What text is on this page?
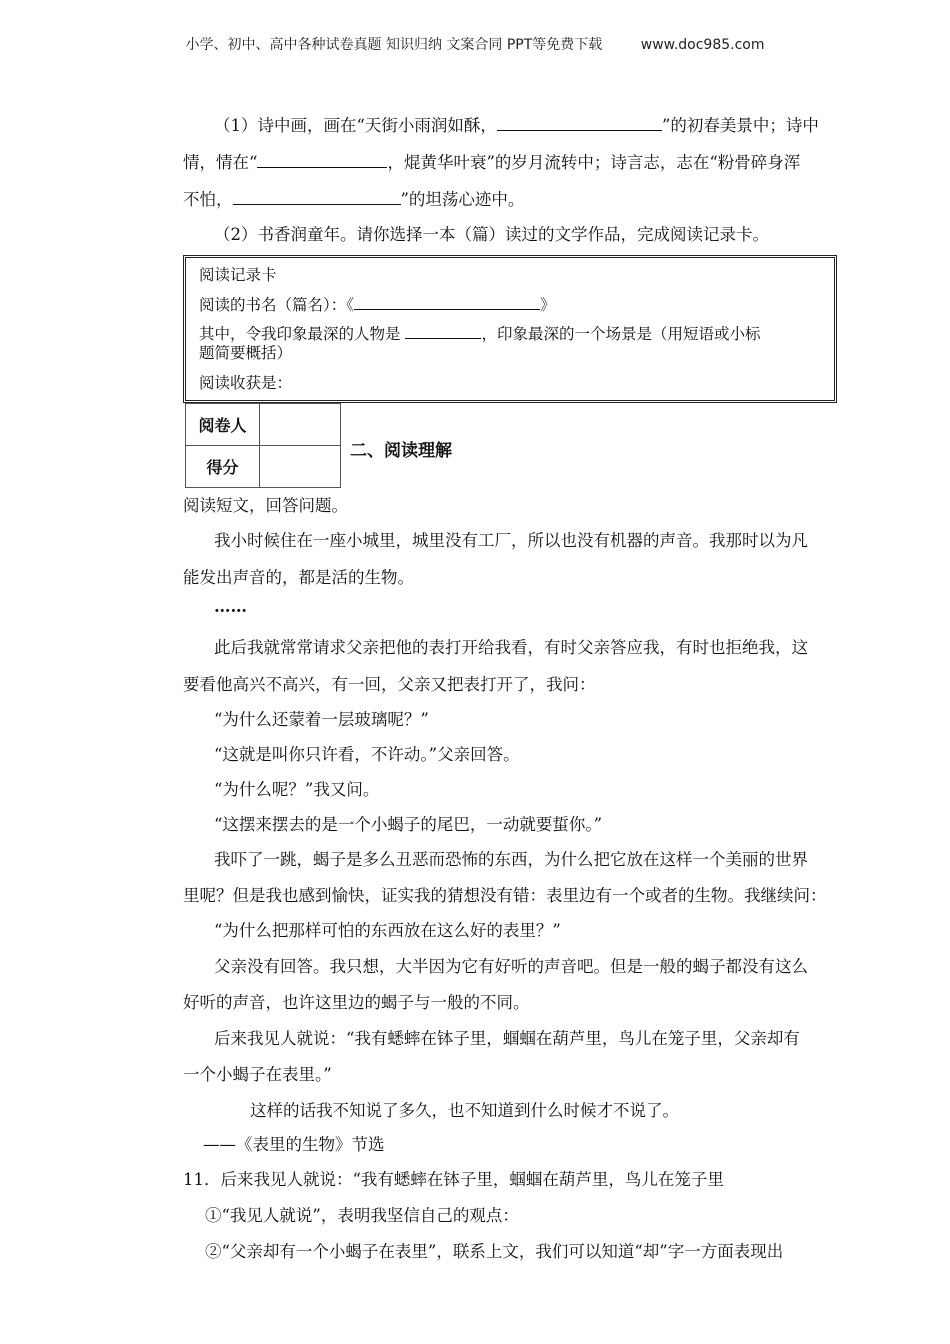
小学、初中、高中各种试卷真题 知识归纳 文案合同 PPT等免费下载	www.doc985.com
（1）诗中画，画在“天街小雨润如酥，	”的初春美景中；诗中
情，情在“	，焜黄华叶衰”的岁月流转中；诗言志，志在“粉骨碎身浑
不怕，	”的坦荡心迹中。
（2）书香润童年。请你选择一本（篇）读过的文学作品，完成阅读记录卡。
阅读记录卡
阅读的书名（篇名）：《	》
其中，令我印象最深的人物是	，印象最深的一个场景是（用短语或小标
题简要概括）
阅读收获是：
阅卷人	
得分	
二、阅读理解
阅读短文，回答问题。
我小时候住在一座小城里，城里没有工厂，所以也没有机器的声音。我那时以为凡
能发出声音的，都是活的生物。
……
此后我就常常请求父亲把他的表打开给我看，有时父亲答应我，有时也拒绝我，这
要看他高兴不高兴，有一回，父亲又把表打开了，我问：
“为什么还蒙着一层玻璃呢？”
“这就是叫你只许看，不许动。”父亲回答。
“为什么呢？”我又问。
“这摆来摆去的是一个小蝎子的尾巴，一动就要蜇你。”
我吓了一跳，蝎子是多么丑恶而恐怖的东西，为什么把它放在这样一个美丽的世界
里呢？但是我也感到愉快，证实我的猜想没有错：表里边有一个或者的生物。我继续问：
“为什么把那样可怕的东西放在这么好的表里？”
父亲没有回答。我只想，大半因为它有好听的声音吧。但是一般的蝎子都没有这么
好听的声音，也许这里边的蝎子与一般的不同。
后来我见人就说：“我有蟋蟀在钵子里，蝈蝈在葫芦里，鸟儿在笼子里，父亲却有
一个小蝎子在表里。”
这样的话我不知说了多久，也不知道到什么时候才不说了。
——《表里的生物》节选
11．后来我见人就说：“我有蟋蟀在钵子里，蝈蝈在葫芦里，鸟儿在笼子里
①“我见人就说”，表明我坚信自己的观点：
②“父亲却有一个小蝎子在表里”，联系上文，我们可以知道“却”字一方面表现出
